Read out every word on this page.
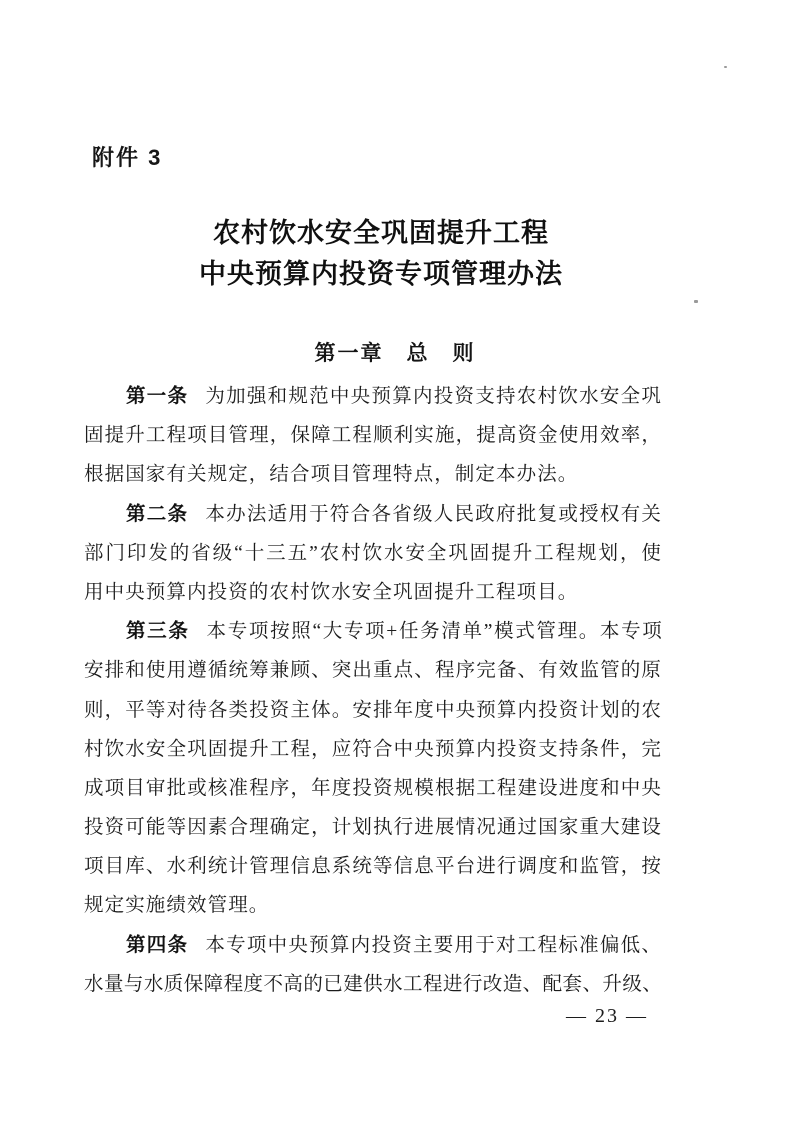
附件 3
农村饮水安全巩固提升工程
中央预算内投资专项管理办法
第一章　总　则
第一条 为加强和规范中央预算内投资支持农村饮水安全巩
固提升工程项目管理，保障工程顺利实施，提高资金使用效率，
根据国家有关规定，结合项目管理特点，制定本办法。
第二条 本办法适用于符合各省级人民政府批复或授权有关
部门印发的省级“十三五”农村饮水安全巩固提升工程规划，使
用中央预算内投资的农村饮水安全巩固提升工程项目。
第三条 本专项按照“大专项+任务清单”模式管理。本专项
安排和使用遵循统筹兼顾、突出重点、程序完备、有效监管的原
则，平等对待各类投资主体。安排年度中央预算内投资计划的农
村饮水安全巩固提升工程，应符合中央预算内投资支持条件，完
成项目审批或核准程序，年度投资规模根据工程建设进度和中央
投资可能等因素合理确定，计划执行进展情况通过国家重大建设
项目库、水利统计管理信息系统等信息平台进行调度和监管，按
规定实施绩效管理。
第四条 本专项中央预算内投资主要用于对工程标准偏低、
水量与水质保障程度不高的已建供水工程进行改造、配套、升级、
— 23 —
